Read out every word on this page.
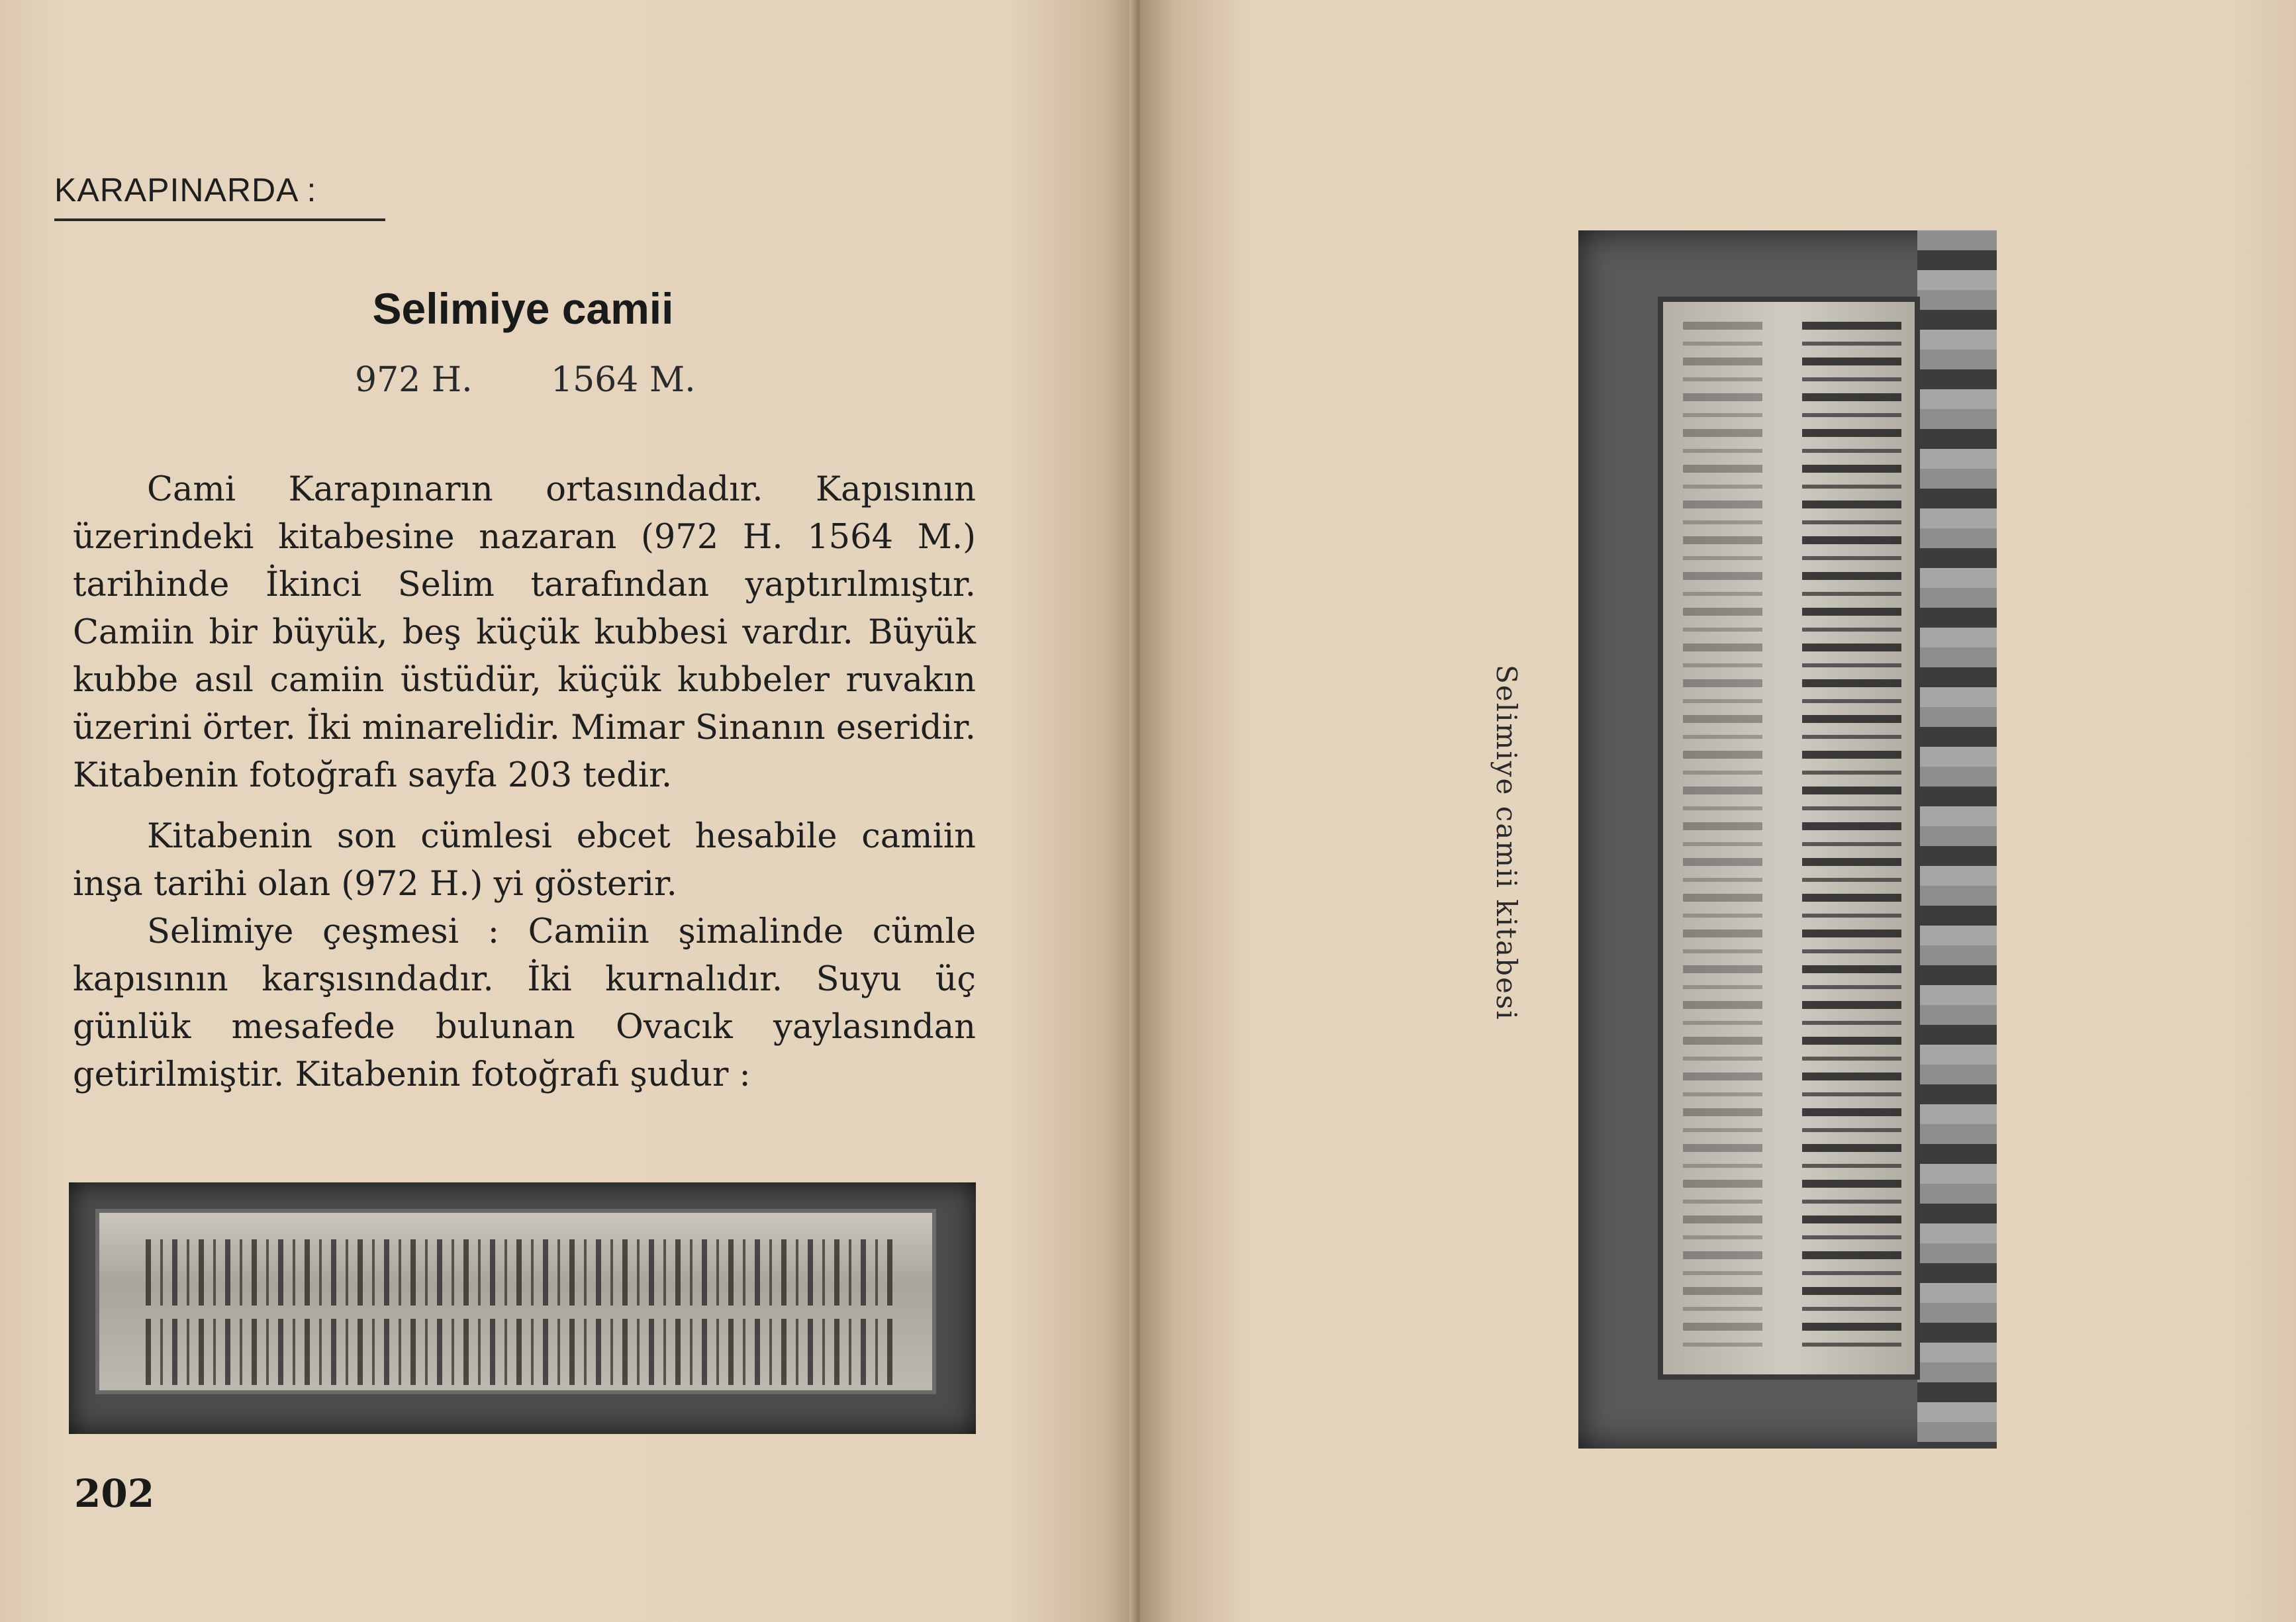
KARAPINARDA :
Selimiye camii
972 H. 1564 M.

Cami Karapınarın ortasındadır. Kapısının üzerindeki kitabesine nazaran (972 H. 1564 M.) tarihinde İkinci Selim tarafından yaptırılmıştır. Camiin bir büyük, beş küçük kubbesi vardır. Büyük kubbe asıl camiin üstüdür, küçük kubbeler ruvakın üzerini örter. İki minarelidir. Mimar Sinanın eseridir. Kitabenin fotoğrafı sayfa 203 tedir.

Kitabenin son cümlesi ebcet hesabile camiin inşa tarihi olan (972 H.) yi gösterir.

Selimiye çeşmesi : Camiin şimalinde cümle kapısının karşısındadır. İki kurnalıdır. Suyu üç günlük mesafede bulunan Ovacık yaylasından getirilmiştir. Kitabenin fotoğrafı şudur :

202
Selimiye camii kitabesi
